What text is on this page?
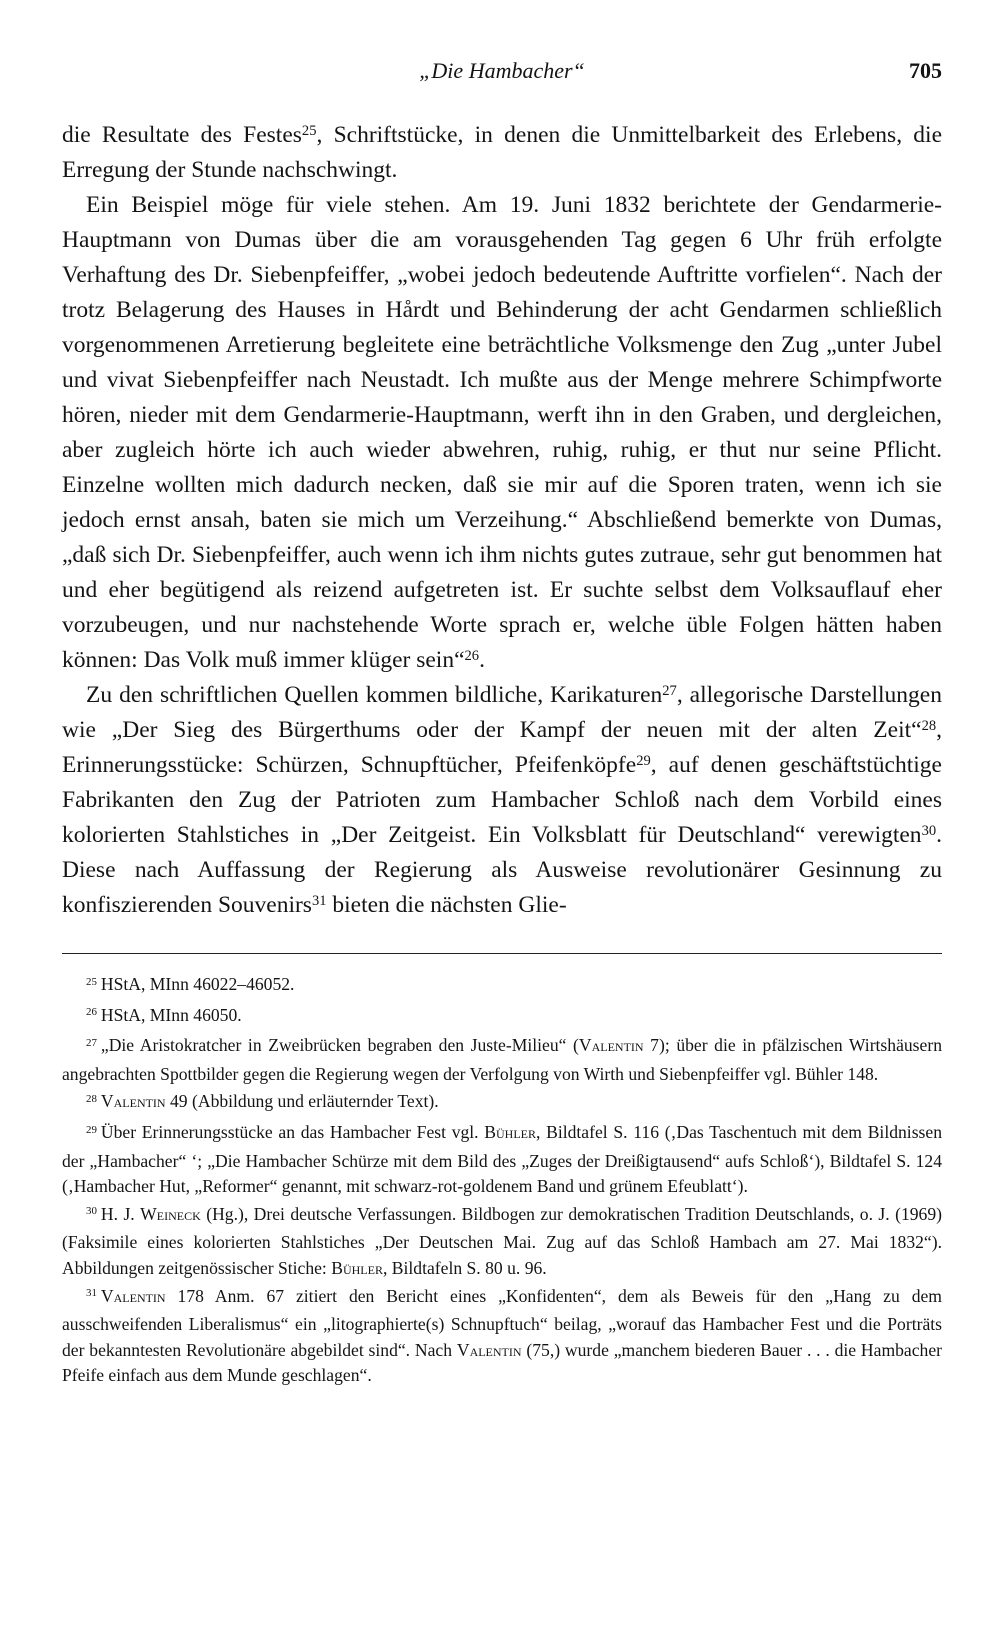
„Die Hambacher“	705

die Resultate des Festes$^{25}$, Schriftstücke, in denen die Unmittelbarkeit des Erlebens, die Erregung der Stunde nachschwingt.

Ein Beispiel möge für viele stehen. Am 19. Juni 1832 berichtete der Gendarmerie-Hauptmann von Dumas über die am vorausgehenden Tag gegen 6 Uhr früh erfolgte Verhaftung des Dr. Siebenpfeiffer, „wobei jedoch bedeutende Auftritte vorfielen“. Nach der trotz Belagerung des Hauses in Hårdt und Behinderung der acht Gendarmen schließlich vorgenommenen Arretierung begleitete eine beträchtliche Volksmenge den Zug „unter Jubel und vivat Siebenpfeiffer nach Neustadt. Ich mußte aus der Menge mehrere Schimpfworte hören, nieder mit dem Gendarmerie-Hauptmann, werft ihn in den Graben, und dergleichen, aber zugleich hörte ich auch wieder abwehren, ruhig, ruhig, er thut nur seine Pflicht. Einzelne wollten mich dadurch necken, daß sie mir auf die Sporen traten, wenn ich sie jedoch ernst ansah, baten sie mich um Verzeihung.“ Abschließend bemerkte von Dumas, „daß sich Dr. Siebenpfeiffer, auch wenn ich ihm nichts gutes zutraue, sehr gut benommen hat und eher begütigend als reizend aufgetreten ist. Er suchte selbst dem Volksauflauf eher vorzubeugen, und nur nachstehende Worte sprach er, welche üble Folgen hätten haben können: Das Volk muß immer klüger sein“$^{26}$.

Zu den schriftlichen Quellen kommen bildliche, Karikaturen$^{27}$, allegorische Darstellungen wie „Der Sieg des Bürgerthums oder der Kampf der neuen mit der alten Zeit“$^{28}$, Erinnerungsstücke: Schürzen, Schnupftücher, Pfeifenköpfe$^{29}$, auf denen geschäftstüchtige Fabrikanten den Zug der Patrioten zum Hambacher Schloß nach dem Vorbild eines kolorierten Stahlstiches in „Der Zeitgeist. Ein Volksblatt für Deutschland“ verewigten$^{30}$. Diese nach Auffassung der Regierung als Ausweise revolutionärer Gesinnung zu konfiszierenden Souvenirs$^{31}$ bieten die nächsten Glie-

$^{25}$ HStA, MInn 46022–46052.
$^{26}$ HStA, MInn 46050.
$^{27}$ „Die Aristokratcher in Zweibrücken begraben den Juste-Milieu“ (Valentin 7); über die in pfälzischen Wirtshäusern angebrachten Spottbilder gegen die Regierung wegen der Verfolgung von Wirth und Siebenpfeiffer vgl. Bühler 148.
$^{28}$ Valentin 49 (Abbildung und erläuternder Text).
$^{29}$ Über Erinnerungsstücke an das Hambacher Fest vgl. Bühler, Bildtafel S. 116 (‚Das Taschentuch mit dem Bildnissen der „Hambacher“ ‘; „Die Hambacher Schürze mit dem Bild des „Zuges der Dreißigtausend“ aufs Schloß‘), Bildtafel S. 124 (‚Hambacher Hut, „Reformer“ genannt, mit schwarz-rot-goldenem Band und grünem Efeublatt‘).
$^{30}$ H. J. Weineck (Hg.), Drei deutsche Verfassungen. Bildbogen zur demokratischen Tradition Deutschlands, o. J. (1969) (Faksimile eines kolorierten Stahlstiches „Der Deutschen Mai. Zug auf das Schloß Hambach am 27. Mai 1832“). Abbildungen zeitgenössischer Stiche: Bühler, Bildtafeln S. 80 u. 96.
$^{31}$ Valentin 178 Anm. 67 zitiert den Bericht eines „Konfidenten“, dem als Beweis für den „Hang zu dem ausschweifenden Liberalismus“ ein „litographierte(s) Schnupftuch“ beilag, „worauf das Hambacher Fest und die Porträts der bekanntesten Revolutionäre abgebildet sind“. Nach Valentin (75,) wurde „manchem biederen Bauer . . . die Hambacher Pfeife einfach aus dem Munde geschlagen“.
